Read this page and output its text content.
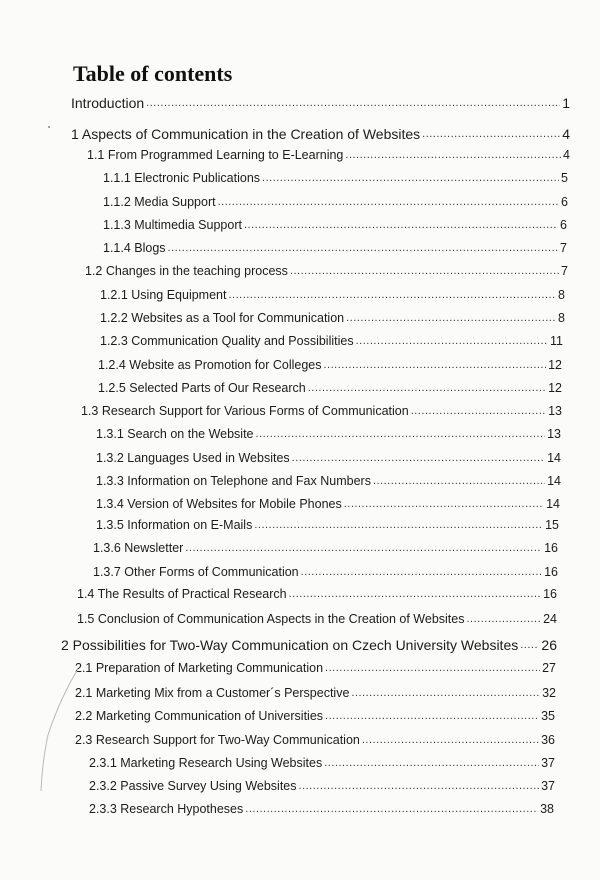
Table of contents
Introduction .....	1
1 Aspects of Communication in the Creation of Websites .....	4
1.1 From Programmed Learning to E-Learning .....	4
1.1.1 Electronic Publications .....	5
1.1.2 Media Support .....	6
1.1.3 Multimedia Support .....	6
1.1.4 Blogs .....	7
1.2 Changes in the teaching process .....	7
1.2.1 Using Equipment .....	8
1.2.2 Websites as a Tool for Communication .....	8
1.2.3 Communication Quality and Possibilities .....	11
1.2.4 Website as Promotion for Colleges .....	12
1.2.5 Selected Parts of Our Research .....	12
1.3 Research Support for Various Forms of Communication .....	13
1.3.1 Search on the Website .....	13
1.3.2 Languages Used in Websites .....	14
1.3.3 Information on Telephone and Fax Numbers .....	14
1.3.4 Version of Websites for Mobile Phones .....	14
1.3.5 Information on E-Mails .....	15
1.3.6 Newsletter .....	16
1.3.7 Other Forms of Communication .....	16
1.4 The Results of Practical Research .....	16
1.5 Conclusion of Communication Aspects in the Creation of Websites .....	24
2 Possibilities for Two-Way Communication on Czech University Websites ..... 26
2.1 Preparation of Marketing Communication .....	27
2.1 Marketing Mix from a Customer´s Perspective .....	32
2.2 Marketing Communication of Universities .....	35
2.3 Research Support for Two-Way Communication .....	36
2.3.1 Marketing Research Using Websites .....	37
2.3.2 Passive Survey Using Websites .....	37
2.3.3 Research Hypotheses .....	38
